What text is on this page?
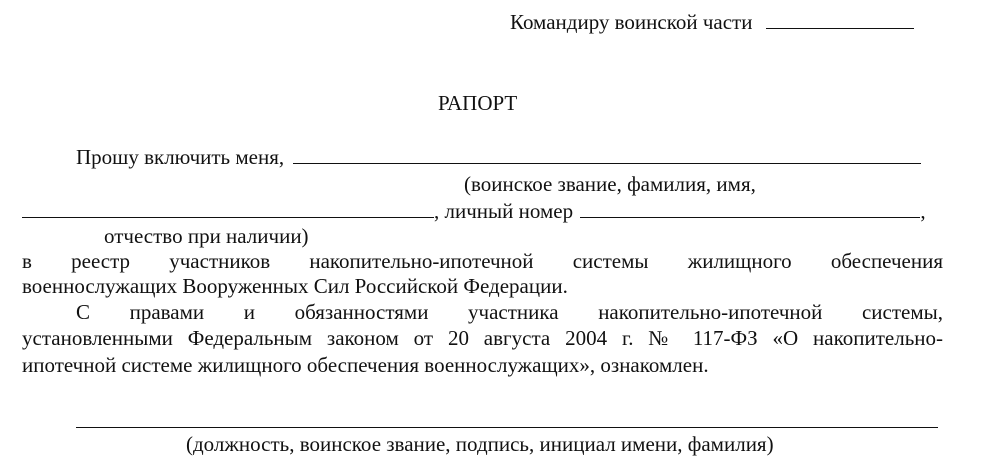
Командиру воинской части
РАПОРТ
Прошу включить меня,
(воинское звание, фамилия, имя,
, личный номер	,
отчество при наличии)
в реестр участников накопительно-ипотечной системы жилищного обеспечения
военнослужащих Вооруженных Сил Российской Федерации.
С правами и обязанностями участника накопительно-ипотечной системы,
установленными Федеральным законом от 20 августа 2004 г. № 117-ФЗ «О накопительно-
ипотечной системе жилищного обеспечения военнослужащих», ознакомлен.
(должность, воинское звание, подпись, инициал имени, фамилия)
